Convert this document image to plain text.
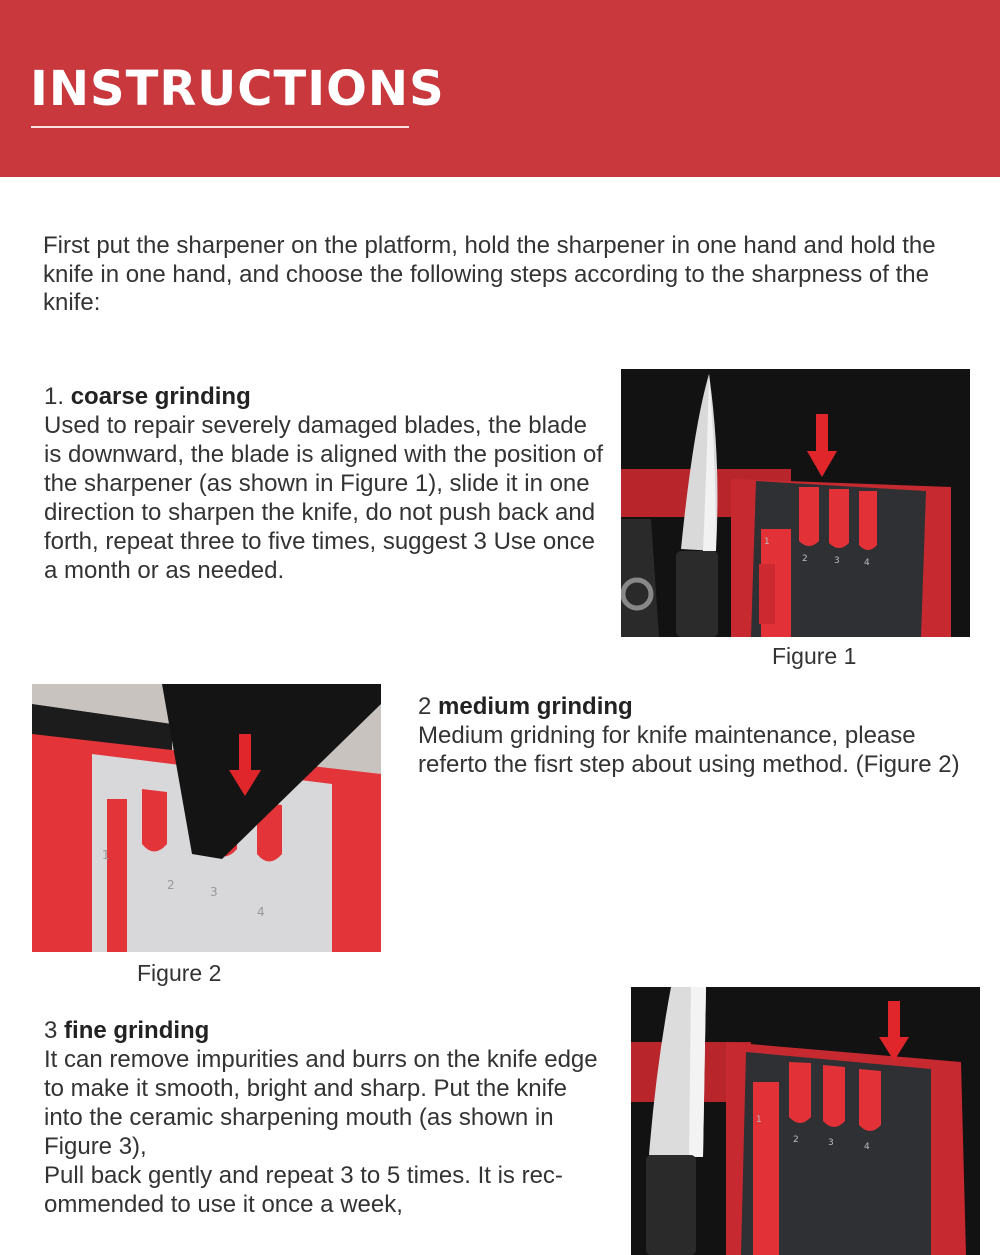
INSTRUCTIONS
First put the sharpener on the platform, hold the sharpener in one hand and hold the knife in one hand, and choose the following steps according to the sharpness of the knife:
1. coarse grinding

Used to repair severely damaged blades, the blade is downward, the blade is aligned with the position of the sharpener (as shown in Figure 1), slide it in one direction to sharpen the knife, do not push back and forth, repeat three to five times, suggest 3 Use once a month or as needed.

1
2	3	4
Figure 1
1
2	3
4
Figure 2
2 medium grinding

Medium gridning for knife maintenance, please referto the fisrt step about using method. (Figure 2)

3 fine grinding

It can remove impurities and burrs on the knife edge to make it smooth, bright and sharp. Put the knife into the ceramic sharpening mouth (as shown in Figure 3),

Pull back gently and repeat 3 to 5 times. It is rec-ommended to use it once a week,

1
2	3	4
